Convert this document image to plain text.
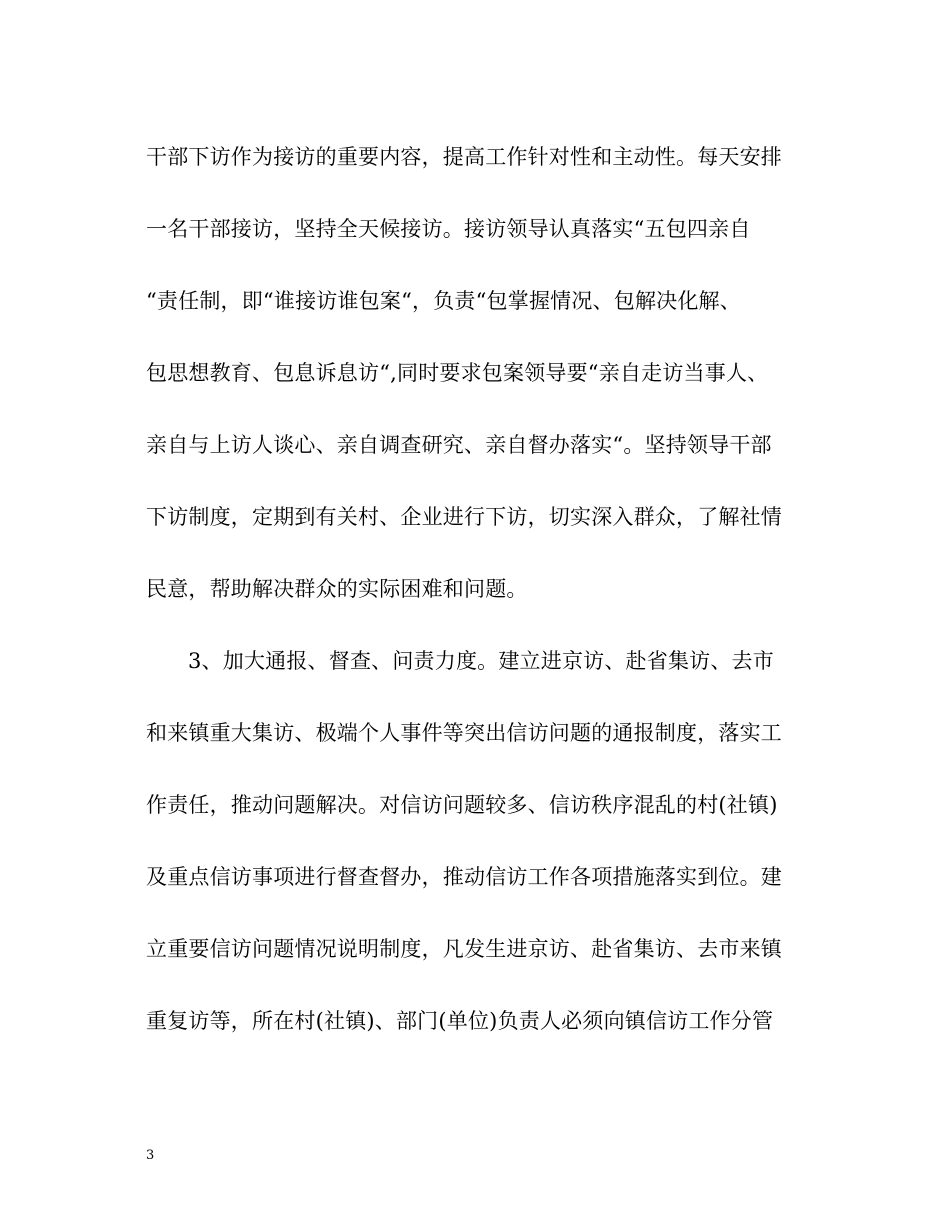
干部下访作为接访的重要内容，提高工作针对性和主动性。每天安排
一名干部接访，坚持全天候接访。接访领导认真落实“五包四亲自
“责任制，即“谁接访谁包案“，负责“包掌握情况、包解决化解、
包思想教育、包息诉息访“,同时要求包案领导要“亲自走访当事人、
亲自与上访人谈心、亲自调查研究、亲自督办落实“。坚持领导干部
下访制度，定期到有关村、企业进行下访，切实深入群众，了解社情
民意，帮助解决群众的实际困难和问题。
3、加大通报、督查、问责力度。建立进京访、赴省集访、去市
和来镇重大集访、极端个人事件等突出信访问题的通报制度，落实工
作责任，推动问题解决。对信访问题较多、信访秩序混乱的村(社镇)
及重点信访事项进行督查督办，推动信访工作各项措施落实到位。建
立重要信访问题情况说明制度，凡发生进京访、赴省集访、去市来镇
重复访等，所在村(社镇)、部门(单位)负责人必须向镇信访工作分管
3
